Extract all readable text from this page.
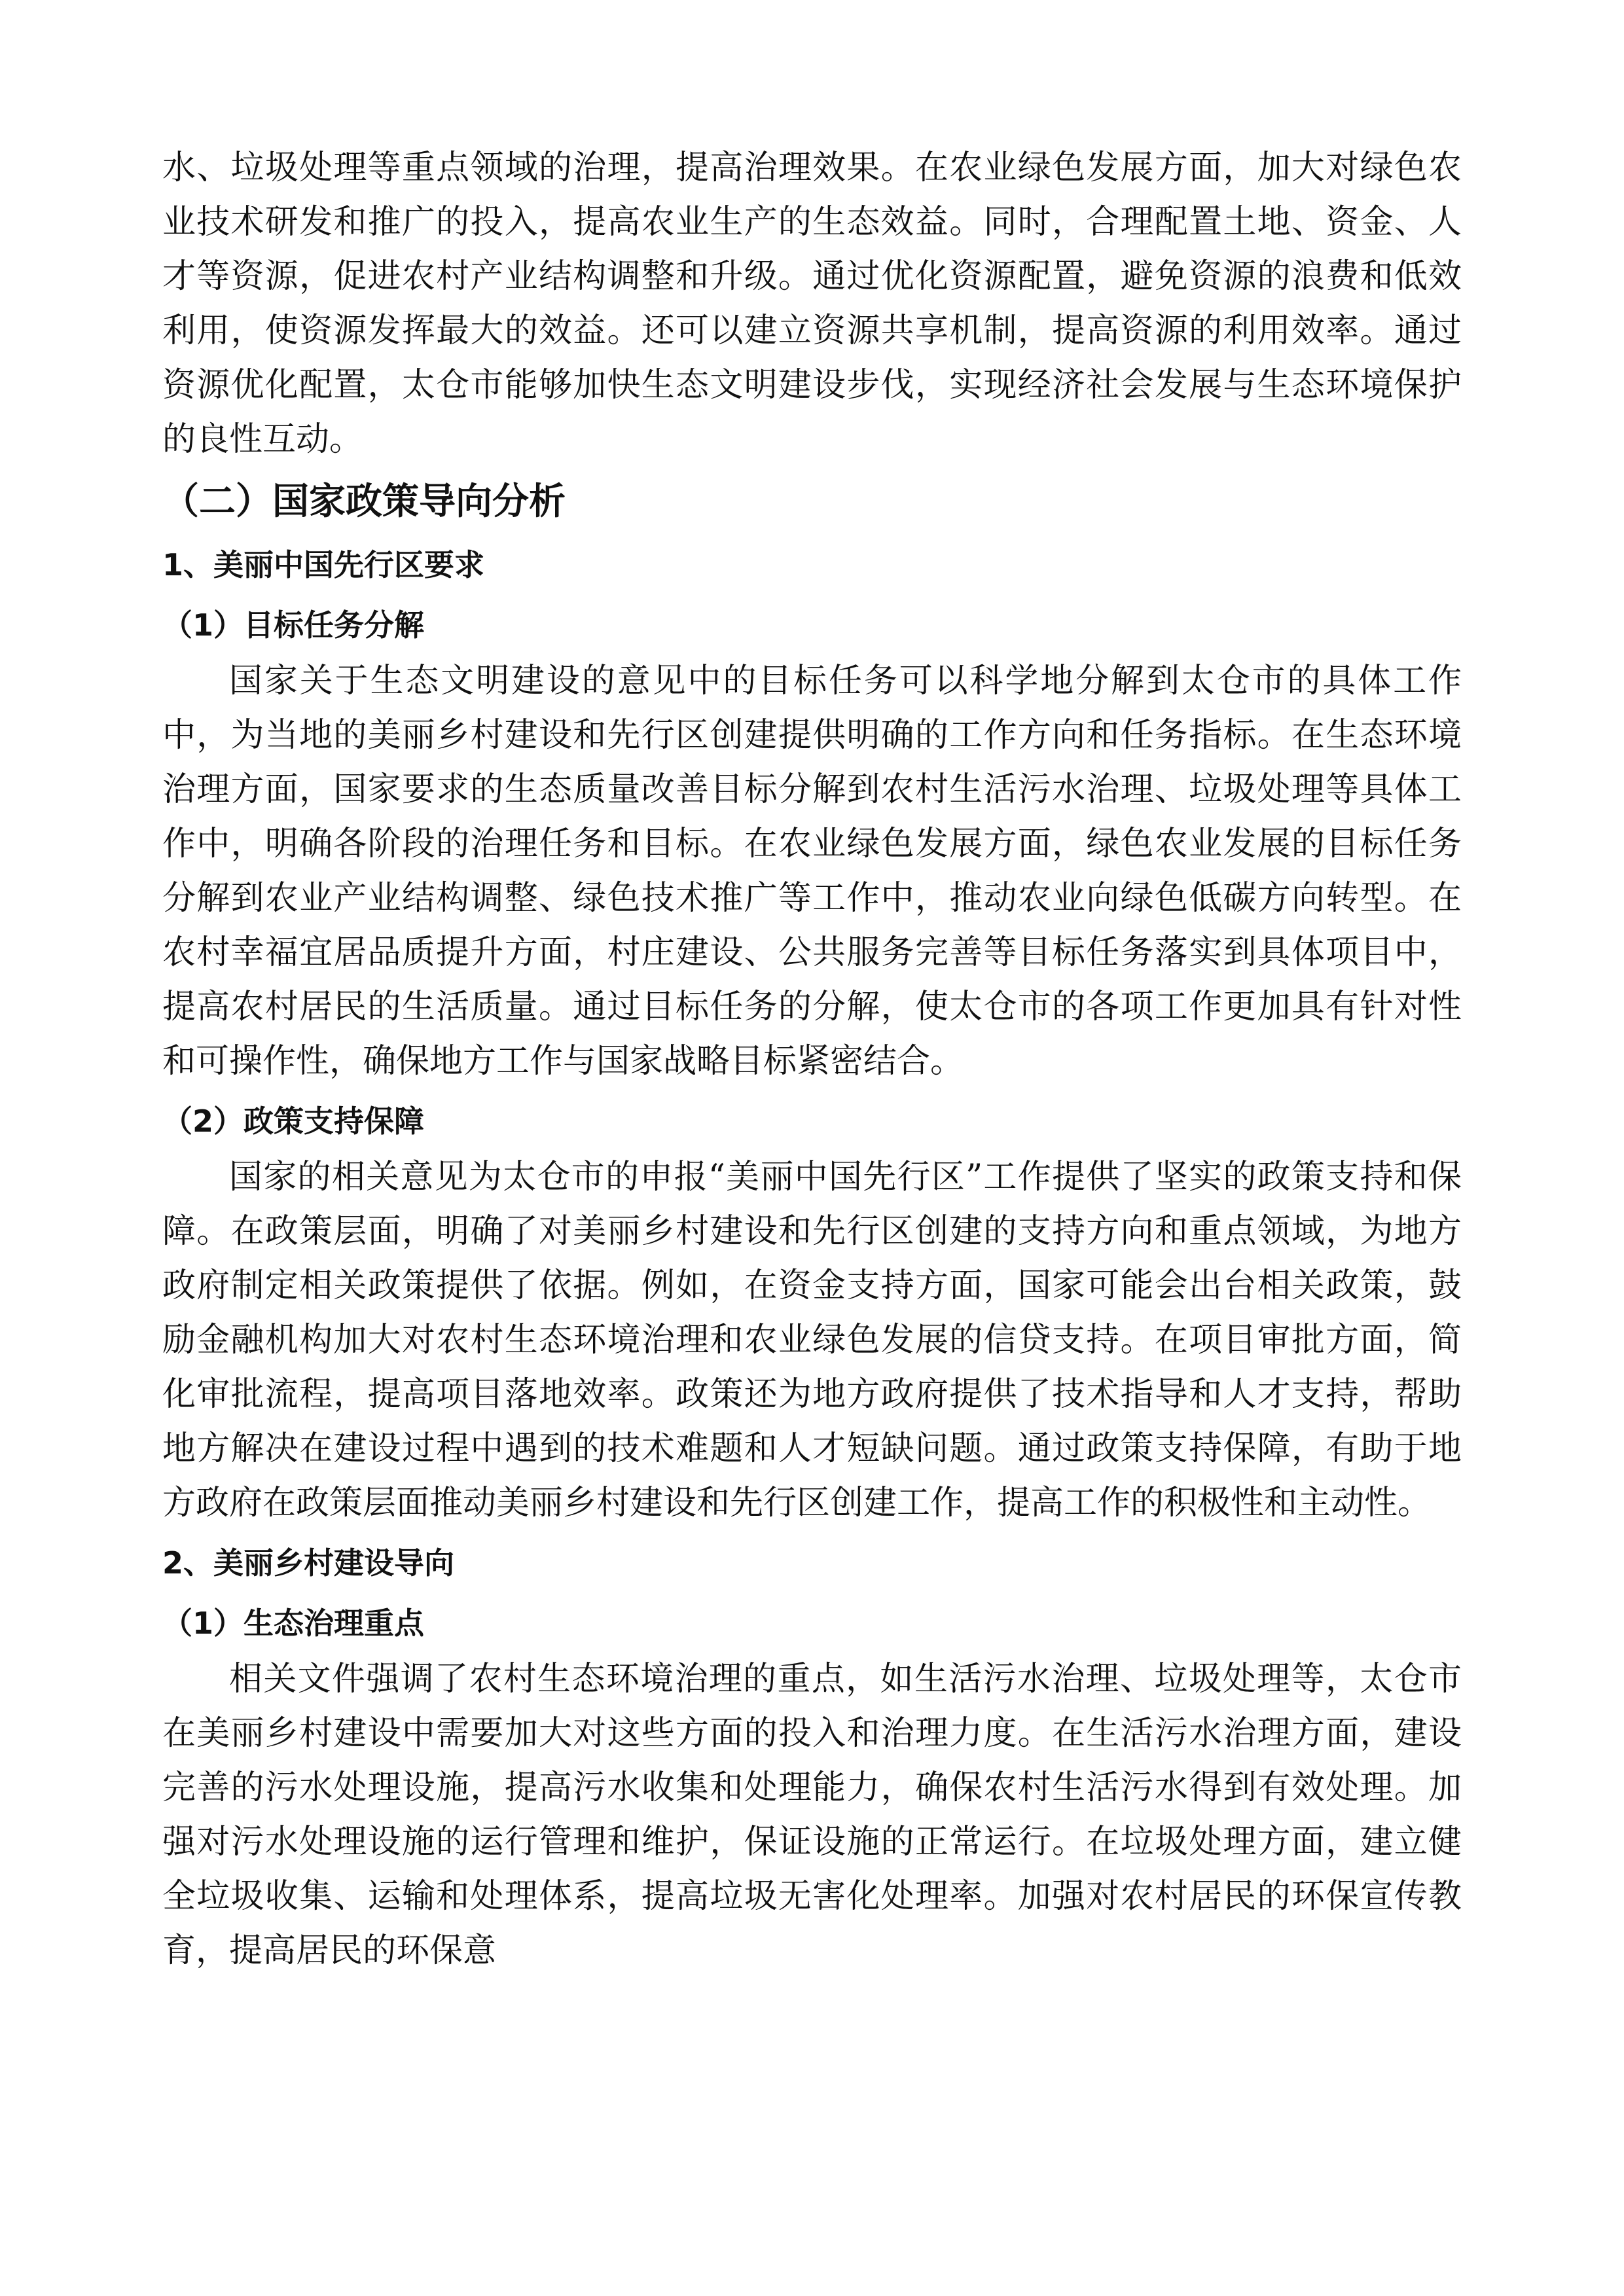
水、垃圾处理等重点领域的治理，提高治理效果。在农业绿色发展方面，加大对绿色农业技术研发和推广的投入，提高农业生产的生态效益。同时，合理配置土地、资金、人才等资源，促进农村产业结构调整和升级。通过优化资源配置，避免资源的浪费和低效利用，使资源发挥最大的效益。还可以建立资源共享机制，提高资源的利用效率。通过资源优化配置，太仓市能够加快生态文明建设步伐，实现经济社会发展与生态环境保护的良性互动。

（二）国家政策导向分析
1、美丽中国先行区要求
（1）目标任务分解

国家关于生态文明建设的意见中的目标任务可以科学地分解到太仓市的具体工作中，为当地的美丽乡村建设和先行区创建提供明确的工作方向和任务指标。在生态环境治理方面，国家要求的生态质量改善目标分解到农村生活污水治理、垃圾处理等具体工作中，明确各阶段的治理任务和目标。在农业绿色发展方面，绿色农业发展的目标任务分解到农业产业结构调整、绿色技术推广等工作中，推动农业向绿色低碳方向转型。在农村幸福宜居品质提升方面，村庄建设、公共服务完善等目标任务落实到具体项目中，提高农村居民的生活质量。通过目标任务的分解，使太仓市的各项工作更加具有针对性和可操作性，确保地方工作与国家战略目标紧密结合。

（2）政策支持保障

国家的相关意见为太仓市的申报“美丽中国先行区”工作提供了坚实的政策支持和保障。在政策层面，明确了对美丽乡村建设和先行区创建的支持方向和重点领域，为地方政府制定相关政策提供了依据。例如，在资金支持方面，国家可能会出台相关政策，鼓励金融机构加大对农村生态环境治理和农业绿色发展的信贷支持。在项目审批方面，简化审批流程，提高项目落地效率。政策还为地方政府提供了技术指导和人才支持，帮助地方解决在建设过程中遇到的技术难题和人才短缺问题。通过政策支持保障，有助于地方政府在政策层面推动美丽乡村建设和先行区创建工作，提高工作的积极性和主动性。

2、美丽乡村建设导向
（1）生态治理重点

相关文件强调了农村生态环境治理的重点，如生活污水治理、垃圾处理等，太仓市在美丽乡村建设中需要加大对这些方面的投入和治理力度。在生活污水治理方面，建设完善的污水处理设施，提高污水收集和处理能力，确保农村生活污水得到有效处理。加强对污水处理设施的运行管理和维护，保证设施的正常运行。在垃圾处理方面，建立健全垃圾收集、运输和处理体系，提高垃圾无害化处理率。加强对农村居民的环保宣传教育，提高居民的环保意
